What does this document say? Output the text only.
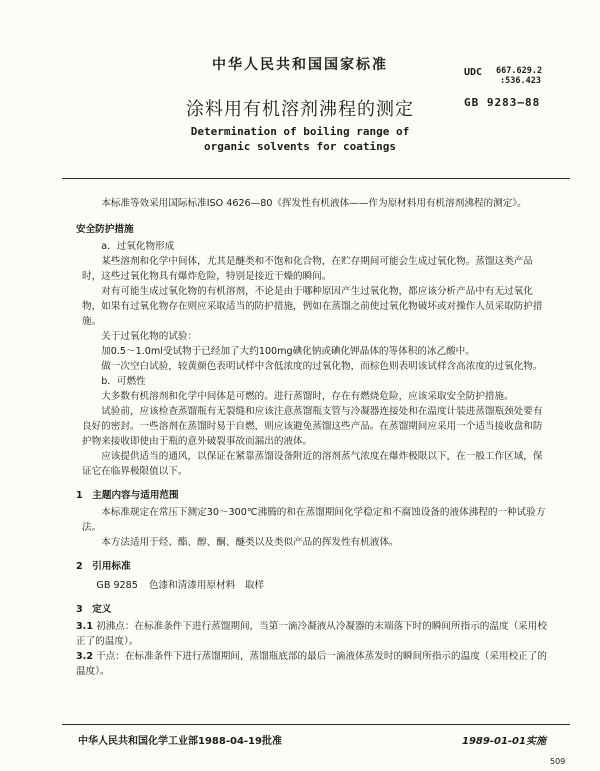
中华人民共和国国家标准	UDC 667.629.2
:536.423
GB 9283—88
涂料用有机溶剂沸程的测定
Determination of boiling range of
organic solvents for coatings
本标准等效采用国际标准ISO 4626—80《挥发性有机液体——作为原材料用有机溶剂沸程的测定》。
安全防护措施
a．过氧化物形成
某些溶剂和化学中间体，尤其是醚类和不饱和化合物，在贮存期间可能会生成过氧化物。蒸馏这类产品时，这些过氧化物具有爆炸危险，特别是接近干燥的瞬间。
对有可能生成过氧化物的有机溶剂，不论是由于哪种原因产生过氧化物，都应该分析产品中有无过氧化物，如果有过氧化物存在则应采取适当的防护措施，例如在蒸馏之前使过氧化物破坏或对操作人员采取防护措施。
关于过氧化物的试验：
加0.5～1.0ml受试物于已经加了大约100mg碘化钠或碘化钾晶体的等体积的冰乙酸中。
做一次空白试验，较黄颜色表明试样中含低浓度的过氧化物，而棕色则表明该试样含高浓度的过氧化物。
b．可燃性
大多数有机溶剂和化学中间体是可燃的。进行蒸馏时，存在有燃烧危险，应该采取安全防护措施。
试验前，应该检查蒸馏瓶有无裂缝和应该注意蒸馏瓶支管与冷凝器连接处和在温度计装进蒸馏瓶颈处要有良好的密封。一些溶剂在蒸馏时易于自燃，则应该避免蒸馏这些产品。在蒸馏期间应采用一个适当接收盘和防护物来接收即使由于瓶的意外破裂事故而漏出的液体。
应该提供适当的通风，以保证在紧靠蒸馏设备附近的溶剂蒸气浓度在爆炸极限以下，在一般工作区域，保证它在临界极限值以下。
1　主题内容与适用范围
本标准规定在常压下测定30～300℃沸腾的和在蒸馏期间化学稳定和不腐蚀设备的液体沸程的一种试验方法。
本方法适用于烃、酯、醇、酮、醚类以及类似产品的挥发性有机液体。
2　引用标准
GB 9285 色漆和清漆用原材料　取样
3　定义
3.1 初沸点：在标准条件下进行蒸馏期间，当第一滴冷凝液从冷凝器的末端落下时的瞬间所指示的温度（采用校正了的温度）。
3.2 干点：在标准条件下进行蒸馏期间，蒸馏瓶底部的最后一滴液体蒸发时的瞬间所指示的温度（采用校正了的温度）。
中华人民共和国化学工业部1988-04-19批准	1989-01-01实施
509
